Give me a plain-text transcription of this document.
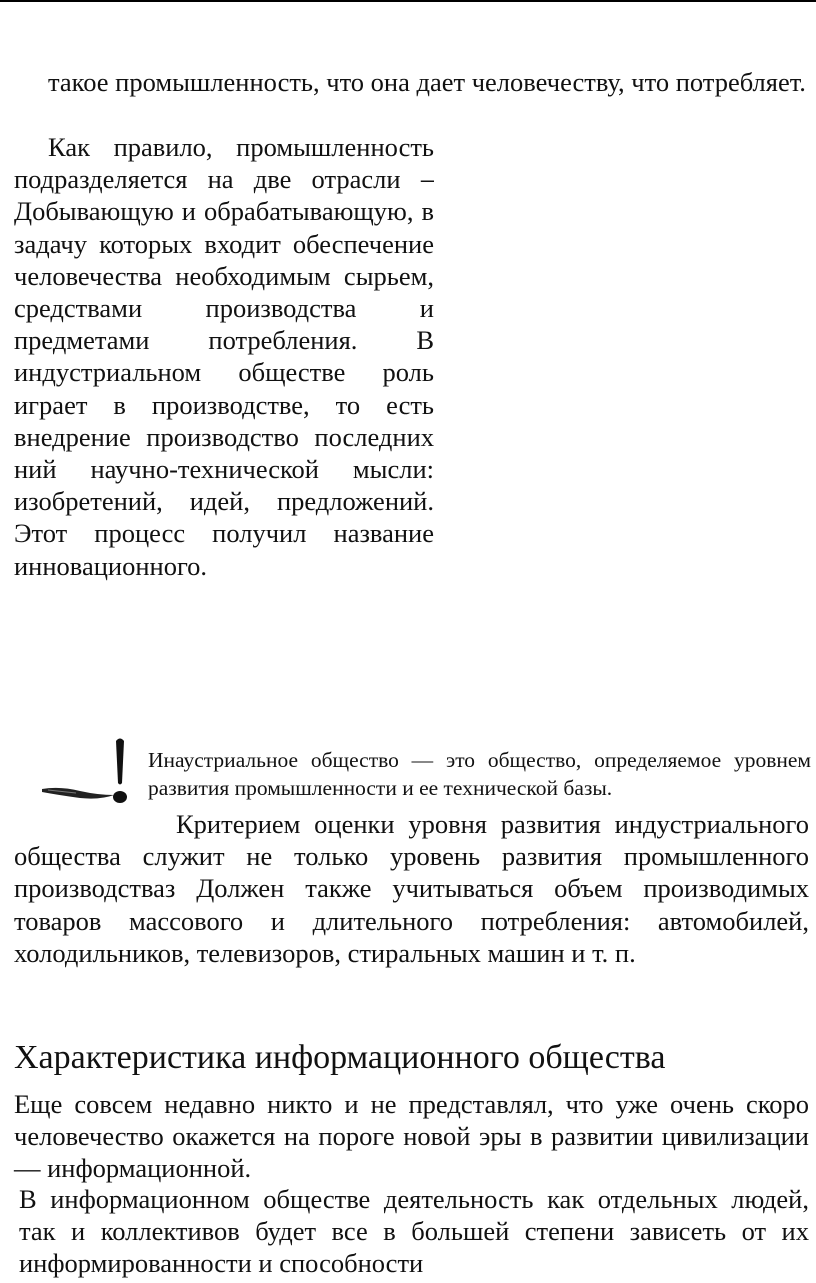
такое промышленность, что она дает человечеству, что потребляет.

Как правило, промышленность подразделяется на две отрасли ⎯ Добывающую и обрабатывающую, в задачу которых входит обеспечение человечества необходимым сырьем, средствами производства и предметами потребления. В индустриальном обществе роль играет в производстве, то есть внедрение производство последних ний научно-технической мысли: изобретений, идей, предложений. Этот процесс получил название инновационного.

Инаустриальное общество — это общество, определяемое уровнем развития промышленности и ее технической базы.

Критерием оценки уровня развития индустриального общества служит не только уровень развития промышленного производстваз Должен также учитываться объем производимых товаров массового и длительного потребления: автомобилей, холодильников, телевизоров, стиральных машин и т. п.

Характеристика информационного общества

Еще совсем недавно никто и не представлял, что уже очень скоро человечество окажется на пороге новой эры в развитии цивилизации — информационной.

В информационном обществе деятельность как отдельных людей, так и коллективов будет все в большей степени зависеть от их информированности и способности
